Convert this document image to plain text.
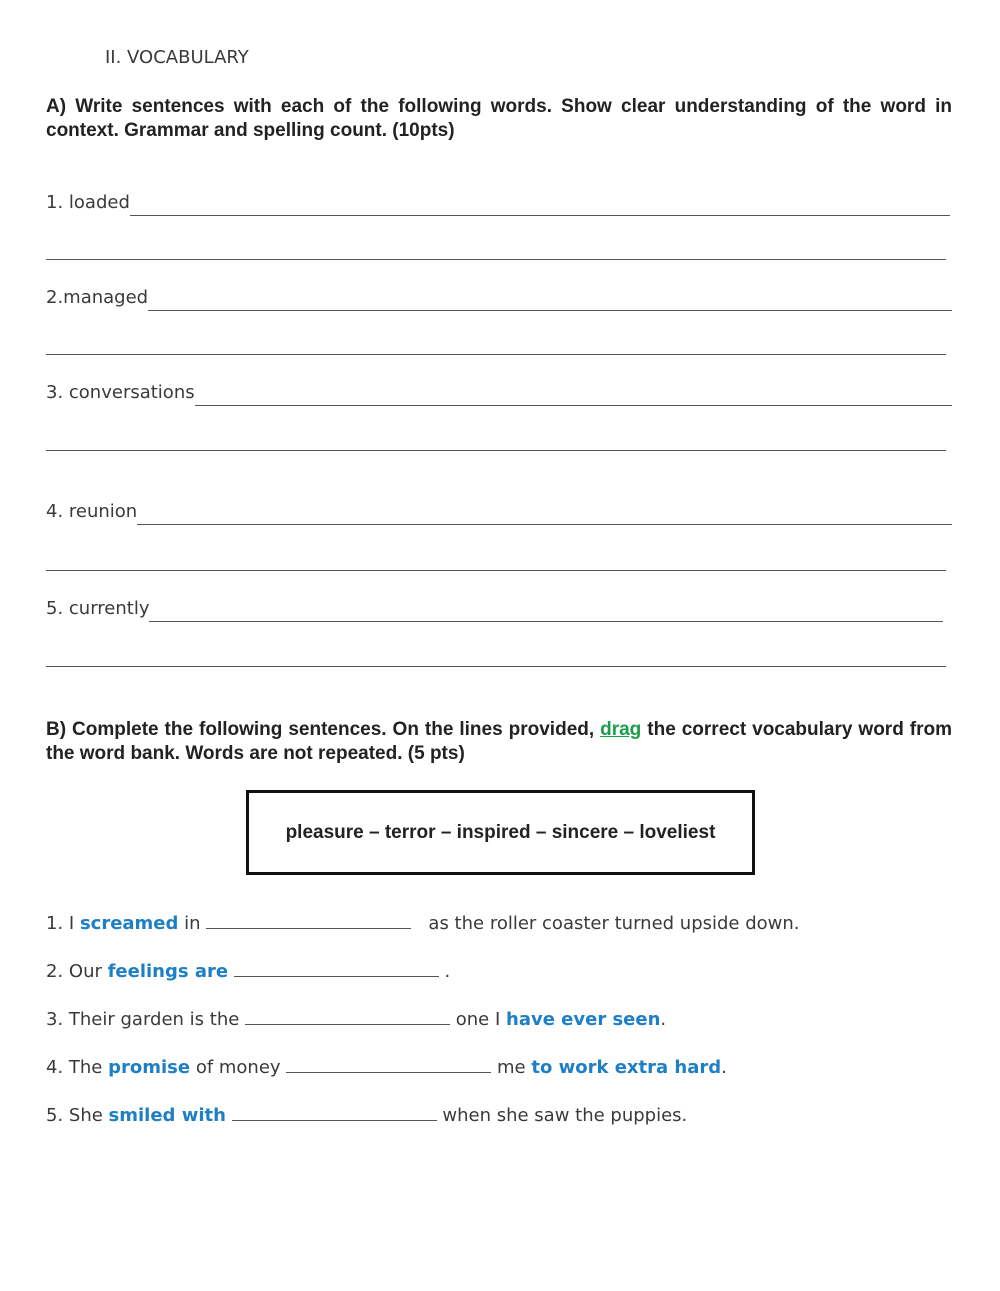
II. VOCABULARY
A) Write sentences with each of the following words. Show clear understanding of the word in context. Grammar and spelling count. (10pts)
1. loaded
2.managed
3. conversations
4. reunion
5. currently
B) Complete the following sentences. On the lines provided, drag the correct vocabulary word from the word bank. Words are not repeated. (5 pts)
pleasure – terror – inspired – sincere – loveliest
1. I screamed in	as the roller coaster turned upside down.
2. Our feelings are	.
3. Their garden is the	one I have ever seen.
4. The promise of money	me to work extra hard.
5. She smiled with	when she saw the puppies.
